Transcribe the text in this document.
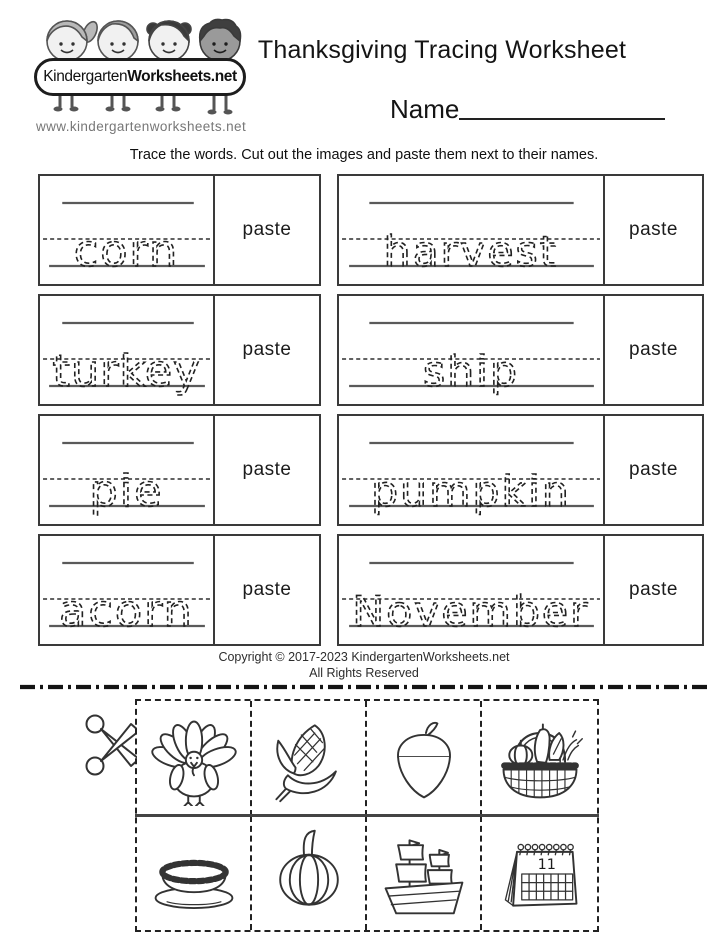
Kindergarten Worksheets.net
www.kindergartenworksheets.net
Thanksgiving Tracing Worksheet
Name
Trace the words. Cut out the images and paste them next to their names.
corn	paste harvest	paste
turkey paste	ship	paste
pie	paste pumpkin	paste
acorn	paste November paste
Copyright © 2017-2023 KindergartenWorksheets.net
All Rights Reserved
11
